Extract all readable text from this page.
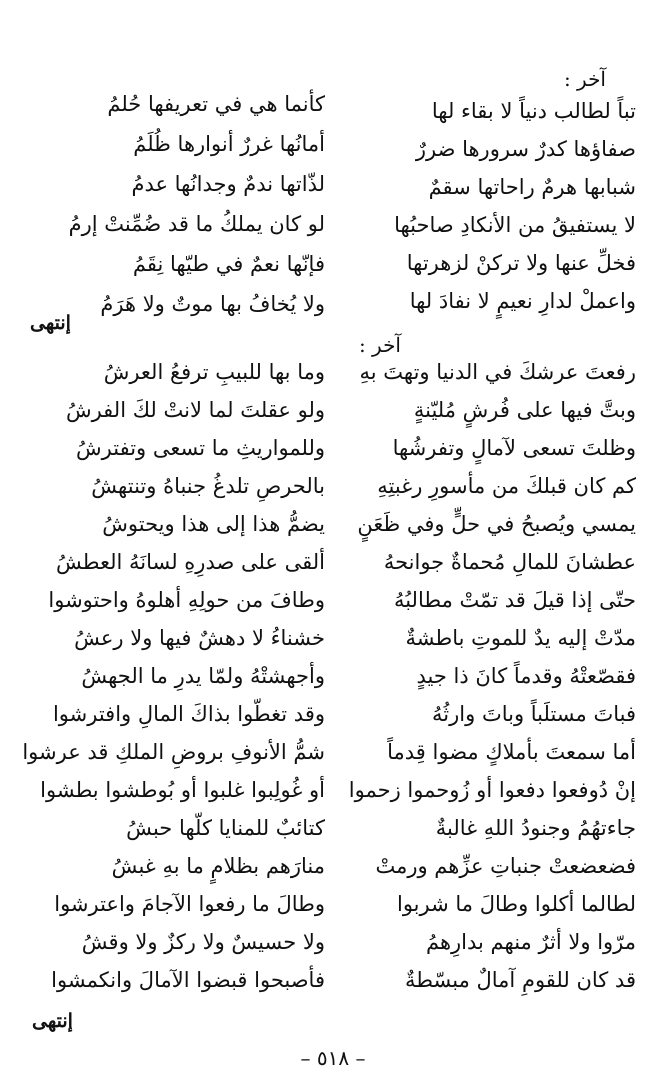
آخر :
تباً لطالب دنياً لا بقاء لها
صفاؤها كدرٌ سرورها ضررٌ
شبابها هرمٌ راحاتها سقمٌ
لا يستفيقُ من الأنكادِ صاحبُها
فخلِّ عنها ولا تركنْ لزهرتها
واعملْ لدارِ نعيمٍ لا نفادَ لها
كأنما هي في تعريفها حُلمُ
أمانُها غررٌ أنوارها ظُلَمُ
لذّاتها ندمٌ وجدانُها عدمُ
لو كان يملكُ ما قد ضُمِّنتْ إرمُ
فإنّها نعمٌ في طيّها نِقَمُ
ولا يُخافُ بها موتٌ ولا هَرَمُ
إنتهى
آخر :
رفعتَ عرشكَ في الدنيا وتهتَ بهِ
وبتَّ فيها على فُرشٍ مُليّنةٍ
وظلتَ تسعى لآمالٍ وتفرشُها
كم كان قبلكَ من مأسورِ رغبتِهِ
يمسي ويُصبحُ في حلٍّ وفي ظَعَنٍ
عطشانَ للمالِ مُحماةٌ جوانحهُ
حتّى إذا قيلَ قد تمّتْ مطالبُهُ
مدّتْ إليه يدٌ للموتِ باطشةٌ
فقصّعتْهُ وقدماً كانَ ذا جيدٍ
فباتَ مستلَباً وباتَ وارثُهُ
أما سمعتَ بأملاكٍ مضوا قِدماً
إنْ دُوفعوا دفعوا أو زُوحموا زحموا
جاءتهُمُ وجنودُ اللهِ غالبةٌ
فضعضعتْ جنباتِ عزِّهم ورمتْ
لطالما أكلوا وطالَ ما شربوا
مرّوا ولا أثرٌ منهم بدارِهمُ
قد كان للقومِ آمالٌ مبسّطةٌ
وما بها للبيبِ ترفعُ العرشُ
ولو عقلتَ لما لانتْ لكَ الفرشُ
وللمواريثِ ما تسعى وتفترشُ
بالحرصِ تلدغُ جنباهُ وتنتهشُ
يضمُّ هذا إلى هذا ويحتوشُ
ألقى على صدرِهِ لسانَهُ العطشُ
وطافَ من حولِهِ أهلوهُ واحتوشوا
خشناءُ لا دهشٌ فيها ولا رعشُ
وأجهشتْهُ ولمّا يدرِ ما الجهشُ
وقد تغطّوا بذاكَ المالِ وافترشوا
شمُّ الأنوفِ بروضِ الملكِ قد عرشوا
أو غُولِبوا غلبوا أو بُوطشوا بطشوا
كتائبٌ للمنايا كلّها حبشُ
منارَهم بظلامٍ ما بهِ غبشُ
وطالَ ما رفعوا الآجامَ واعترشوا
ولا حسيسٌ ولا ركزٌ ولا وقشُ
فأصبحوا قبضوا الآمالَ وانكمشوا
إنتهى
– ٥١٨ –
